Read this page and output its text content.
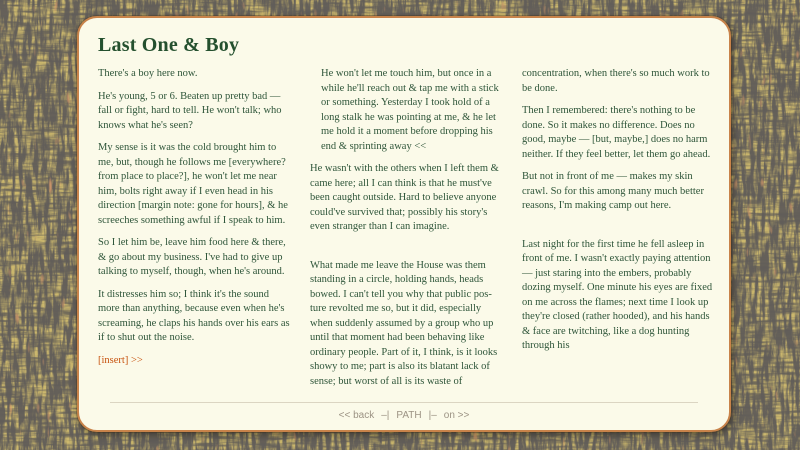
Last One & Boy

There's a boy here now.

He's young, 5 or 6. Beaten up pretty bad — fall or fight, hard to tell. He won't talk; who knows what he's seen?

My sense is it was the cold brought him to me, but, though he follows me [everywhere? from place to place?], he won't let me near him, bolts right away if I even head in his direction [margin note: gone for hours], & he screeches something awful if I speak to him.

So I let him be, leave him food here & there, & go about my business. I've had to give up talking to myself, though, when he's around.

It distresses him so; I think it's the sound more than anything, because even when he's screaming, he claps his hands over his ears as if to shut out the noise.

[insert] >>

He won't let me touch him, but once in a while he'll reach out & tap me with a stick or something. Yesterday I took hold of a long stalk he was pointing at me, & he let me hold it a moment before dropping his end & sprinting away <<

He wasn't with the others when I left them & came here; all I can think is that he must've been caught outside. Hard to believe anyone could've survived that; possibly his story's even stranger than I can imagine.

What made me leave the House was them standing in a circle, holding hands, heads bowed. I can't tell you why that public posture revolted me so, but it did, especially when suddenly assumed by a group who up until that moment had been behaving like ordinary people. Part of it, I think, is it looks showy to me; part is also its blatant lack of sense; but worst of all is its waste of

concentration, when there's so much work to be done.

Then I remembered: there's nothing to be done. So it makes no difference. Does no good, maybe — [but, maybe,] does no harm neither. If they feel better, let them go ahead.

But not in front of me — makes my skin crawl. So for this among many much better reasons, I'm making camp out here.

Last night for the first time he fell asleep in front of me. I wasn't exactly paying attention — just staring into the embers, probably dozing myself. One minute his eyes are fixed on me across the flames; next time I look up they're closed (rather hooded), and his hands & face are twitching, like a dog hunting through his

<< back –| PATH |– on >>
